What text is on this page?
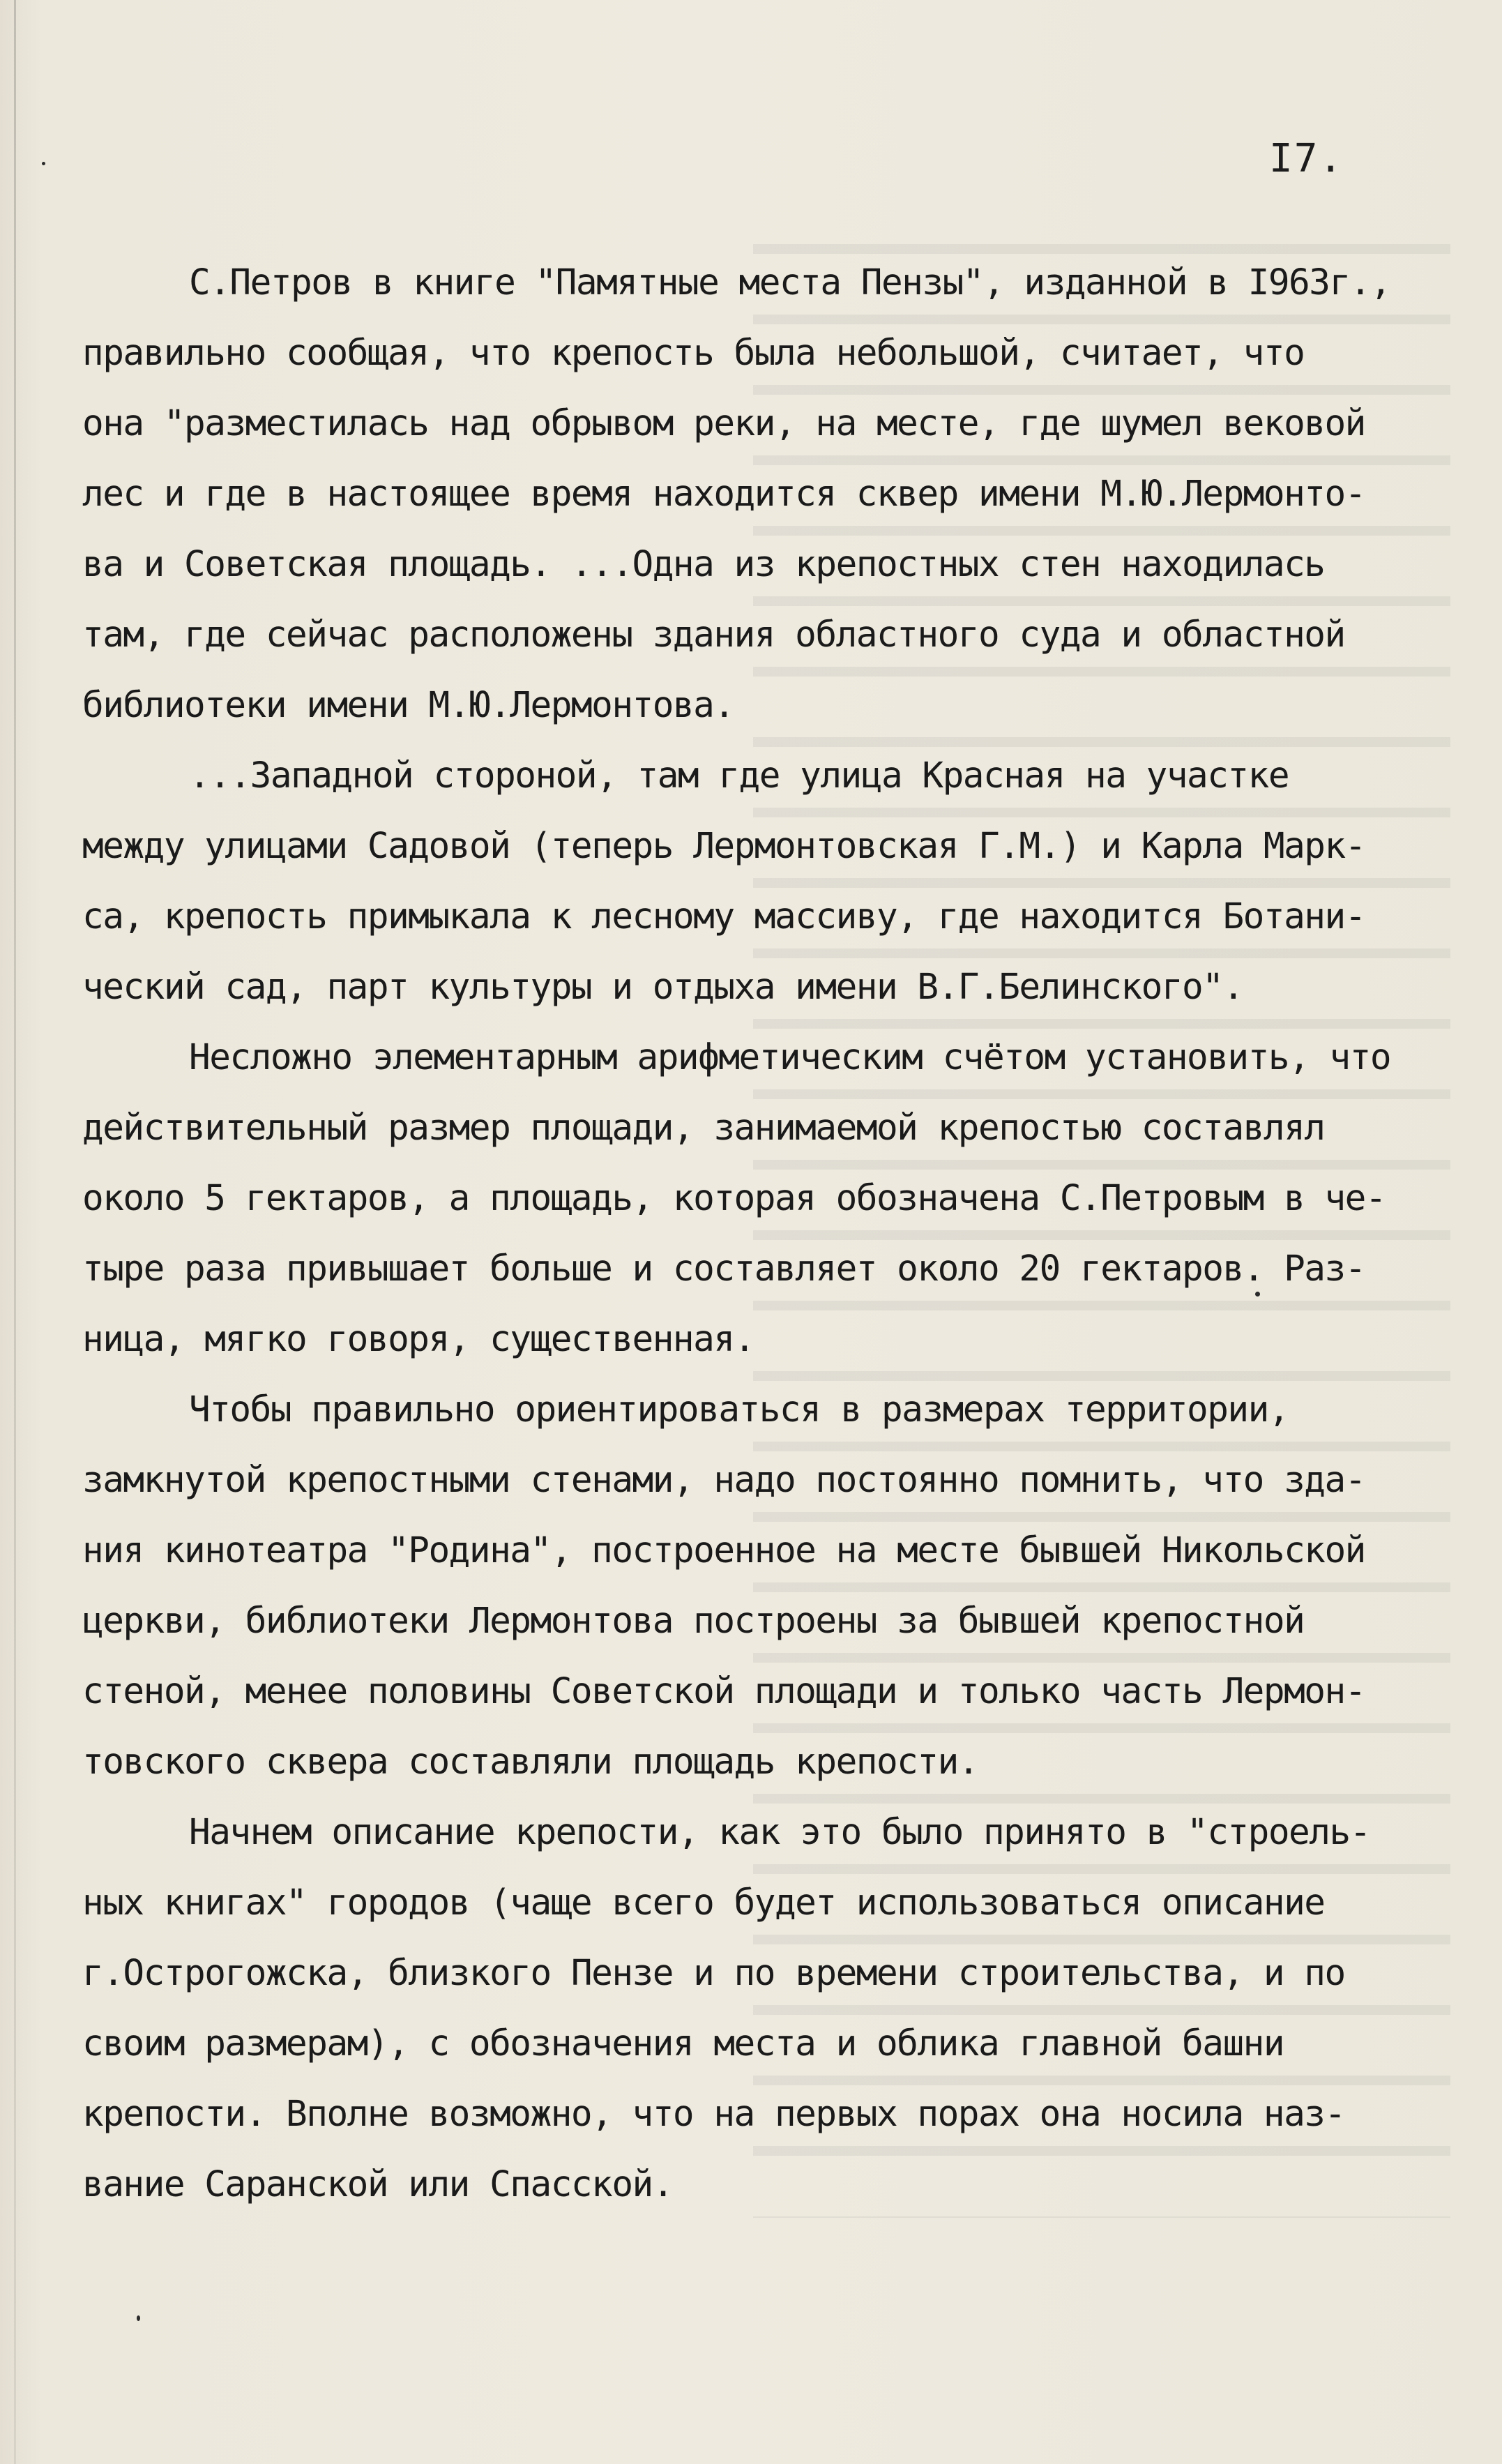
I7.
С.Петров в книге "Памятные места Пензы", изданной в I963г.,
правильно сообщая, что крепость была небольшой, считает, что
она "разместилась над обрывом реки, на месте, где шумел вековой
лес и где в настоящее время находится сквер имени М.Ю.Лермонто-
ва и Советская площадь. ...Одна из крепостных стен находилась
там, где сейчас расположены здания областного суда и областной
библиотеки имени М.Ю.Лермонтова.
...Западной стороной, там где улица Красная на участке
между улицами Садовой (теперь Лермонтовская Г.М.) и Карла Марк-
са, крепость примыкала к лесному массиву, где находится Ботани-
ческий сад, парт культуры и отдыха имени В.Г.Белинского".
Несложно элементарным арифметическим счётом установить, что
действительный размер площади, занимаемой крепостью составлял
около 5 гектаров, а площадь, которая обозначена С.Петровым в че-
тыре раза привышает больше и составляет около 20 гектаров. Раз-
ница, мягко говоря, существенная.
Чтобы правильно ориентироваться в размерах территории,
замкнутой крепостными стенами, надо постоянно помнить, что зда-
ния кинотеатра "Родина", построенное на месте бывшей Никольской
церкви, библиотеки Лермонтова построены за бывшей крепостной
стеной, менее половины Советской площади и только часть Лермон-
товского сквера составляли площадь крепости.
Начнем описание крепости, как это было принято в "строель-
ных книгах" городов (чаще всего будет использоваться описание
г.Острогожска, близкого Пензе и по времени строительства, и по
своим размерам), с обозначения места и облика главной башни
крепости. Вполне возможно, что на первых порах она носила наз-
вание Саранской или Спасской.
